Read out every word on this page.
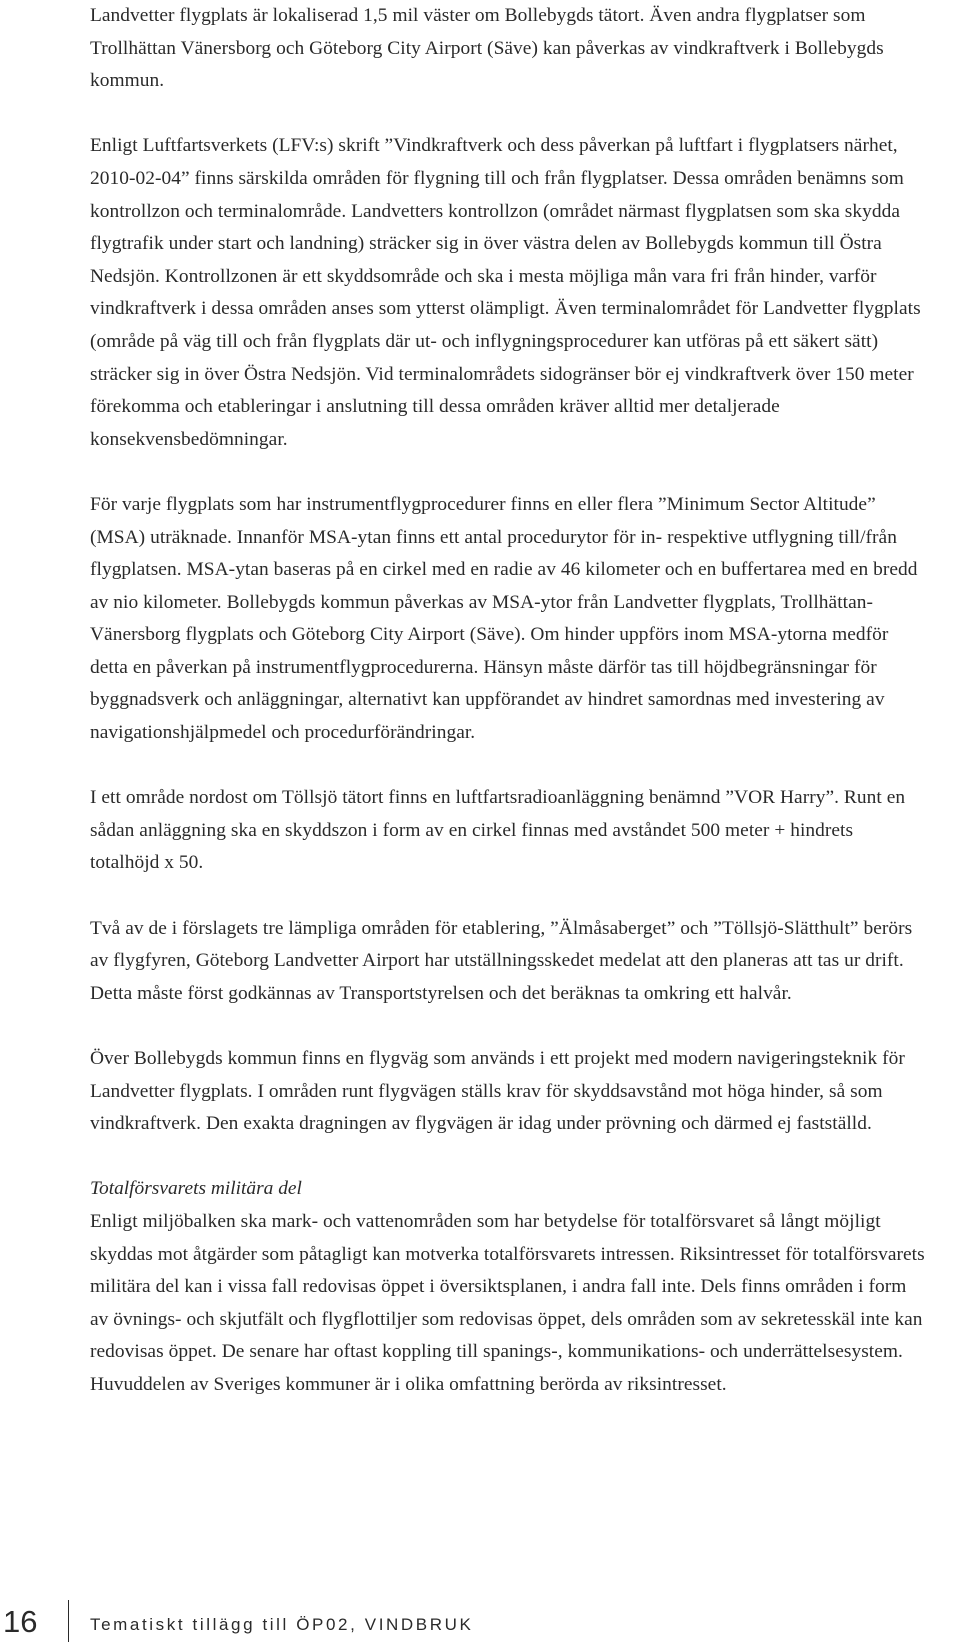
Landvetter flygplats är lokaliserad 1,5 mil väster om Bollebygds tätort. Även andra flygplatser som Trollhättan Vänersborg och Göteborg City Airport (Säve) kan påverkas av vindkraftverk i Bollebygds kommun.

Enligt Luftfartsverkets (LFV:s) skrift ”Vindkraftverk och dess påverkan på luftfart i flygplatsers närhet, 2010-02-04” finns särskilda områden för flygning till och från flygplatser. Dessa områden benämns som kontrollzon och terminalområde. Landvetters kontrollzon (området närmast flygplatsen som ska skydda flygtrafik under start och landning) sträcker sig in över västra delen av Bollebygds kommun till Östra Nedsjön. Kontrollzonen är ett skyddsområde och ska i mesta möjliga mån vara fri från hinder, varför vindkraftverk i dessa områden anses som ytterst olämpligt. Även terminalområdet för Landvetter flygplats (område på väg till och från flygplats där ut- och inflygningsprocedurer kan utföras på ett säkert sätt) sträcker sig in över Östra Nedsjön. Vid terminalområdets sidogränser bör ej vindkraftverk över 150 meter förekomma och etableringar i anslutning till dessa områden kräver alltid mer detaljerade konsekvensbedömningar.

För varje flygplats som har instrumentflygprocedurer finns en eller flera ”Minimum Sector Altitude” (MSA) uträknade. Innanför MSA-ytan finns ett antal procedurytor för in- respektive utflygning till/från flygplatsen. MSA-ytan baseras på en cirkel med en radie av 46 kilometer och en buffertarea med en bredd av nio kilometer. Bollebygds kommun påverkas av MSA-ytor från Landvetter flygplats, Trollhättan-Vänersborg flygplats och Göteborg City Airport (Säve). Om hinder uppförs inom MSA-ytorna medför detta en påverkan på instrumentflygprocedurerna. Hänsyn måste därför tas till höjdbegränsningar för byggnadsverk och anläggningar, alternativt kan uppförandet av hindret samordnas med investering av navigationshjälpmedel och procedurförändringar.

I ett område nordost om Töllsjö tätort finns en luftfartsradioanläggning benämnd ”VOR Harry”. Runt en sådan anläggning ska en skyddszon i form av en cirkel finnas med avståndet 500 meter + hindrets totalhöjd x 50.

Två av de i förslagets tre lämpliga områden för etablering, ”Älmåsaberget” och ”Töllsjö-Slätthult” berörs av flygfyren, Göteborg Landvetter Airport har utställningsskedet medelat att den planeras att tas ur drift. Detta måste först godkännas av Transportstyrelsen och det beräknas ta omkring ett halvår.

Över Bollebygds kommun finns en flygväg som används i ett projekt med modern navigeringsteknik för Landvetter flygplats. I områden runt flygvägen ställs krav för skyddsavstånd mot höga hinder, så som vindkraftverk. Den exakta dragningen av flygvägen är idag under prövning och därmed ej fastställd.

Totalförsvarets militära del

Enligt miljöbalken ska mark- och vattenområden som har betydelse för totalförsvaret så långt möjligt skyddas mot åtgärder som påtagligt kan motverka totalförsvarets intressen. Riksintresset för totalförsvarets militära del kan i vissa fall redovisas öppet i översiktsplanen, i andra fall inte. Dels finns områden i form av övnings- och skjutfält och flygflottiljer som redovisas öppet, dels områden som av sekretesskäl inte kan redovisas öppet. De senare har oftast koppling till spanings-, kommunikations- och underrättelsesystem. Huvuddelen av Sveriges kommuner är i olika omfattning berörda av riksintresset.

16	Tematiskt tillägg till ÖP02, VINDBRUK
